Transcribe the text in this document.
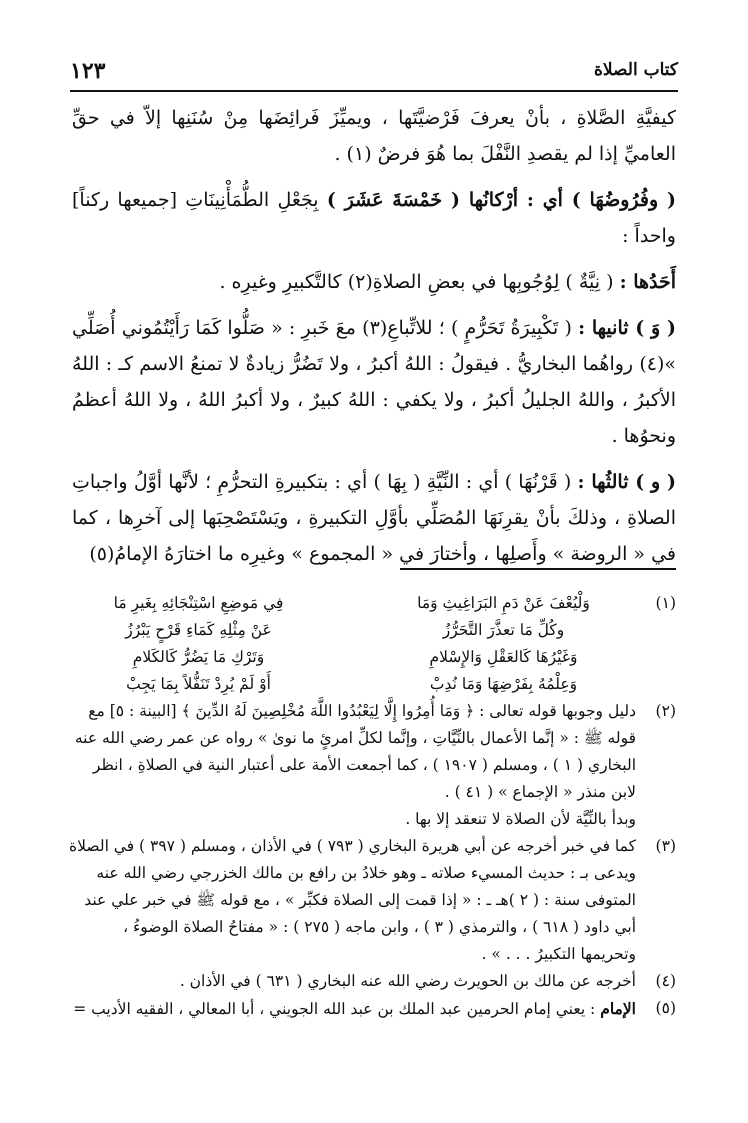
١٢٣	كتاب الصلاة

كيفيَّةِ الصَّلاةِ ، بأنْ يعرفَ فَرْضيَّتَها ، ويميِّزَ فَرائِضَها مِنْ سُنَنِها إلاّ في حقِّ العاميِّ إذا لم يقصدِ النَّفْلَ بما هُوَ فرضٌ (١) .

( وفُرُوضُهَا ) أي : أرْكانُها ( خَمْسَةَ عَشَرَ ) بِجَعْلِ الطُّمَأْنِينَاتِ [جميعها ركناً] واحداً :

أَحَدُها : ( نِيَّةٌ ) لِوُجُوبِها في بعضِ الصلاةِ(٢) كالتَّكبيرِ وغيرِه .

( وَ ) ثانيها : ( تَكْبِيرَةُ تَحَرُّمٍ ) ؛ للاتِّباعِ(٣) معَ خَبرِ : « صَلُّوا كَمَا رَأَيْتُمُوني أُصَلِّي »(٤) رواهُما البخاريُّ . فيقولُ : اللهُ أكبرُ ، ولا تَضُرُّ زيادةٌ لا تمنعُ الاسم كـ : اللهُ الأكبرُ ، واللهُ الجليلُ أكبرُ ، ولا يكفي : اللهُ كبيرٌ ، ولا أكبرُ اللهُ ، ولا اللهُ أعظمُ ونحوُها .

( و ) ثالثُها : ( قَرْنُهَا ) أي : النِّيَّةِ ( بِهَا ) أي : بتكبيرةِ التحرُّمِ ؛ لأنَّها أوَّلُ واجباتِ الصلاةِ ، وذلكَ بأنْ يقرِنَهَا المُصَلِّي بأوَّلِ التكبيرةِ ، ويَسْتَصْحِبَها إلى آخرِها ، كما في « الروضة » وأَصلِها ، وأختارَ في « المجموع » وغيرِه ما اختارَهُ الإمامُ(٥)

(١)
وَلْيُعْفَ عَنْ دَمِ البَرَاغِيثِ وَمَا
فِي مَوضِعِ اسْتِنْجَائِهِ بِغَيرِ مَا
وكُلِّ مَا تعذَّرَ التَّحَرُّزُ
عَنْ مِثْلِهِ كَمَاءِ قَرْحٍ يَبْرُزُ
وَغَيْرُهَا كَالعَقْلِ وَالإِسْلامِ
وَتَرْكِ مَا يَضُرُّ كَالكَلامِ
وَعِلْمُهُ بِفَرْضِهَا وَمَا نُدِبْ
أَوْ لَمْ يُرِدْ تَنَفُّلاً بِمَا يَجِبْ

(٢)
دليل وجوبها قوله تعالى : ﴿ وَمَا أُمِرُوا إِلَّا لِيَعْبُدُوا اللَّهَ مُخْلِصِينَ لَهُ الدِّينَ ﴾ [البينة : ٥] مع قوله ﷺ : « إنَّما الأعمال بالنِّيَّاتِ ، وإنَّما لكلِّ امرئٍ ما نوىٰ » رواه عن عمر رضي الله عنه البخاري ( ١ ) ، ومسلم ( ١٩٠٧ ) ، كما أجمعت الأمة على أعتبار النية في الصلاةِ ، انظر لابن منذر « الإجماع » ( ٤١ ) .

وبدأ بالنِّيَّة لأن الصلاة لا تنعقد إلا بها .

(٣)
كما في خبر أخرجه عن أبي هريرة البخاري ( ٧٩٣ ) في الأذان ، ومسلم ( ٣٩٧ ) في الصلاة ويدعى بـ : حديث المسيء صلاته ـ وهو خلادُ بن رافع بن مالك الخزرجي رضي الله عنه المتوفى سنة : ( ٢ )هـ ـ : « إذا قمت إلى الصلاة فكبِّر » ، مع قوله ﷺ في خبر علي عند أبي داود ( ٦١٨ ) ، والترمذي ( ٣ ) ، وابن ماجه ( ٢٧٥ ) : « مفتاحُ الصلاة الوضوءُ ، وتحريمها التكبيرُ . . . » .

(٤)
أخرجه عن مالك بن الحويرث رضي الله عنه البخاري ( ٦٣١ ) في الأذان .

(٥)
الإمام : يعني إمام الحرمين عبد الملك بن عبد الله الجويني ، أبا المعالي ، الفقيه الأديب =
